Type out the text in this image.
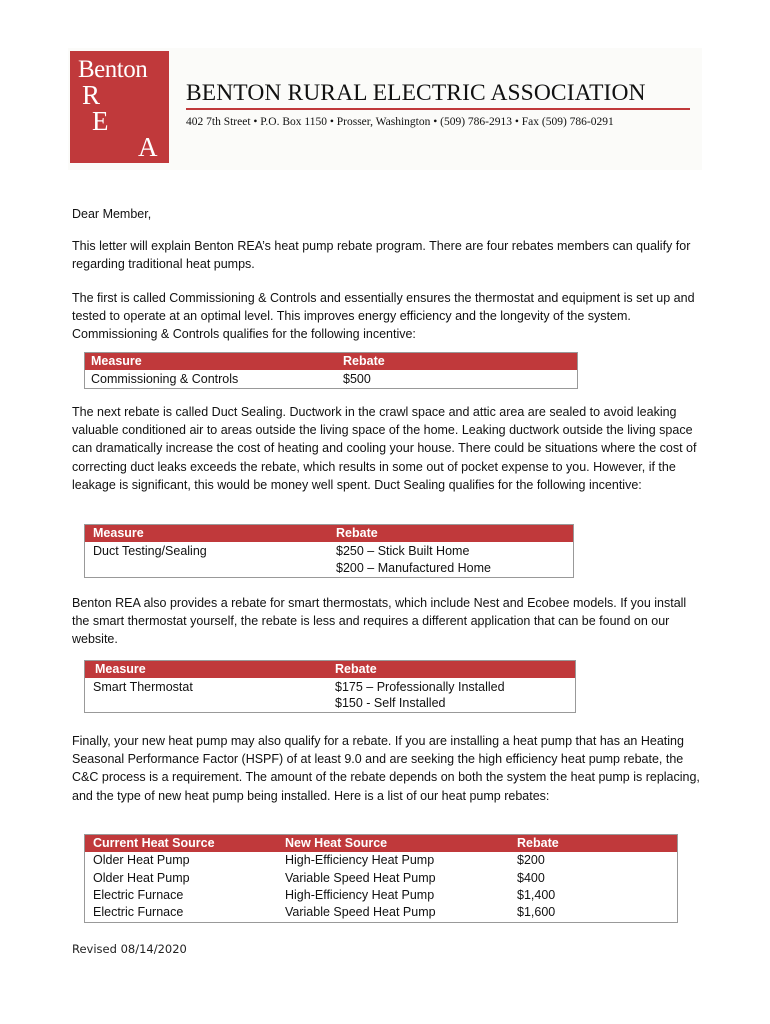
Benton
R
E
A
BENTON RURAL ELECTRIC ASSOCIATION
402 7th Street • P.O. Box 1150 • Prosser, Washington • (509) 786-2913 • Fax (509) 786-0291
Dear Member,
This letter will explain Benton REA’s heat pump rebate program. There are four rebates members can qualify for regarding traditional heat pumps.
The first is called Commissioning & Controls and essentially ensures the thermostat and equipment is set up and tested to operate at an optimal level. This improves energy efficiency and the longevity of the system. Commissioning & Controls qualifies for the following incentive:
Measure	Rebate
Commissioning & Controls	$500
The next rebate is called Duct Sealing. Ductwork in the crawl space and attic area are sealed to avoid leaking valuable conditioned air to areas outside the living space of the home. Leaking ductwork outside the living space can dramatically increase the cost of heating and cooling your house. There could be situations where the cost of correcting duct leaks exceeds the rebate, which results in some out of pocket expense to you. However, if the leakage is significant, this would be money well spent. Duct Sealing qualifies for the following incentive:
Measure	Rebate
Duct Testing/Sealing	$250 – Stick Built Home
$200 – Manufactured Home
Benton REA also provides a rebate for smart thermostats, which include Nest and Ecobee models. If you install the smart thermostat yourself, the rebate is less and requires a different application that can be found on our website.
Measure	Rebate
Smart Thermostat	$175 – Professionally Installed
$150 - Self Installed
Finally, your new heat pump may also qualify for a rebate. If you are installing a heat pump that has an Heating Seasonal Performance Factor (HSPF) of at least 9.0 and are seeking the high efficiency heat pump rebate, the C&C process is a requirement. The amount of the rebate depends on both the system the heat pump is replacing, and the type of new heat pump being installed. Here is a list of our heat pump rebates:
Current Heat Source	New Heat Source	Rebate
Older Heat Pump	High-Efficiency Heat Pump	$200
Older Heat Pump	Variable Speed Heat Pump	$400
Electric Furnace	High-Efficiency Heat Pump	$1,400
Electric Furnace	Variable Speed Heat Pump	$1,600
Revised 08/14/2020
